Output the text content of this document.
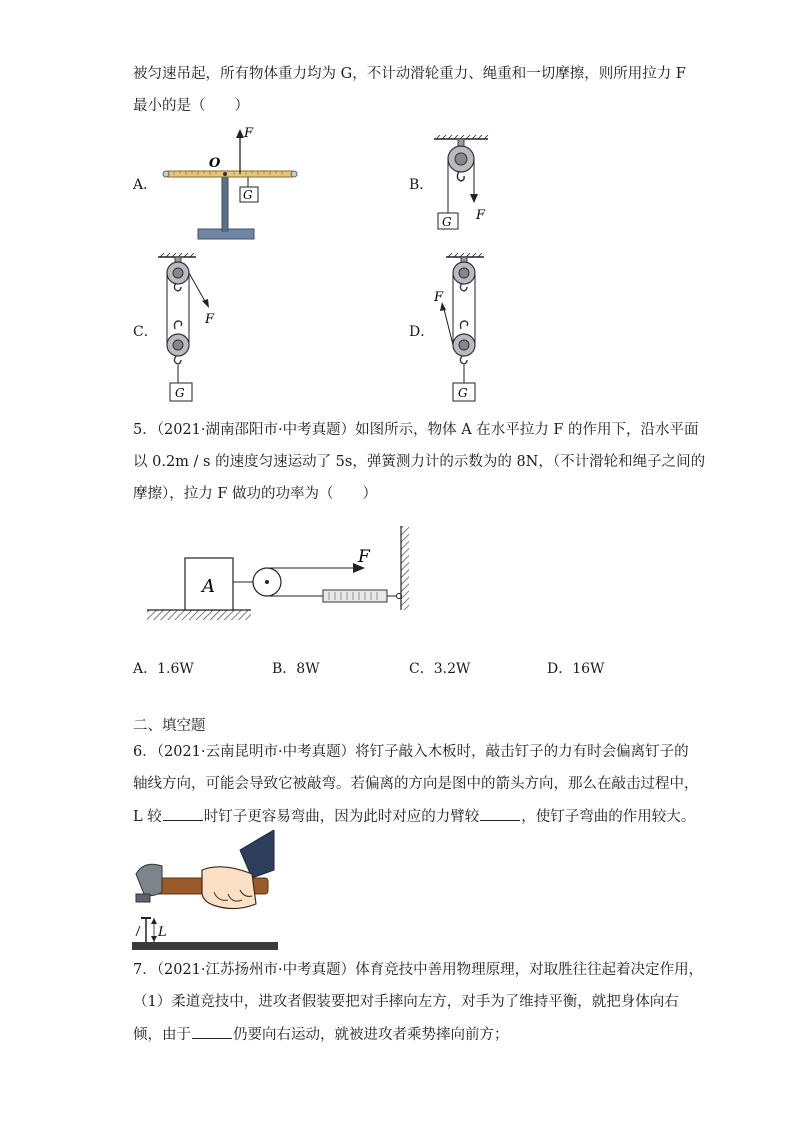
被匀速吊起，所有物体重力均为 G，不计动滑轮重力、绳重和一切摩擦，则所用拉力 F
最小的是（　　）
A．
O
F
G
B．
G F
C．
F
G
D．
F
G
5．（2021·湖南邵阳市·中考真题）如图所示，物体 A 在水平拉力 F 的作用下，沿水平面
以 0.2m / s 的速度匀速运动了 5s，弹簧测力计的示数为的 8N，（不计滑轮和绳子之间的
摩擦），拉力 F 做功的功率为（　　）
A
F
A．1.6W	B．8W	C．3.2W	D．16W
二、填空题
6．（2021·云南昆明市·中考真题）将钉子敲入木板时，敲击钉子的力有时会偏离钉子的
轴线方向，可能会导致它被敲弯。若偏离的方向是图中的箭头方向，那么在敲击过程中，
L 较	时钉子更容易弯曲，因为此时对应的力臂较	，使钉子弯曲的作用较大。
L
7．（2021·江苏扬州市·中考真题）体育竞技中善用物理原理，对取胜往往起着决定作用，
（1）柔道竞技中，进攻者假装要把对手摔向左方，对手为了维持平衡，就把身体向右
倾，由于	仍要向右运动，就被进攻者乘势摔向前方；
